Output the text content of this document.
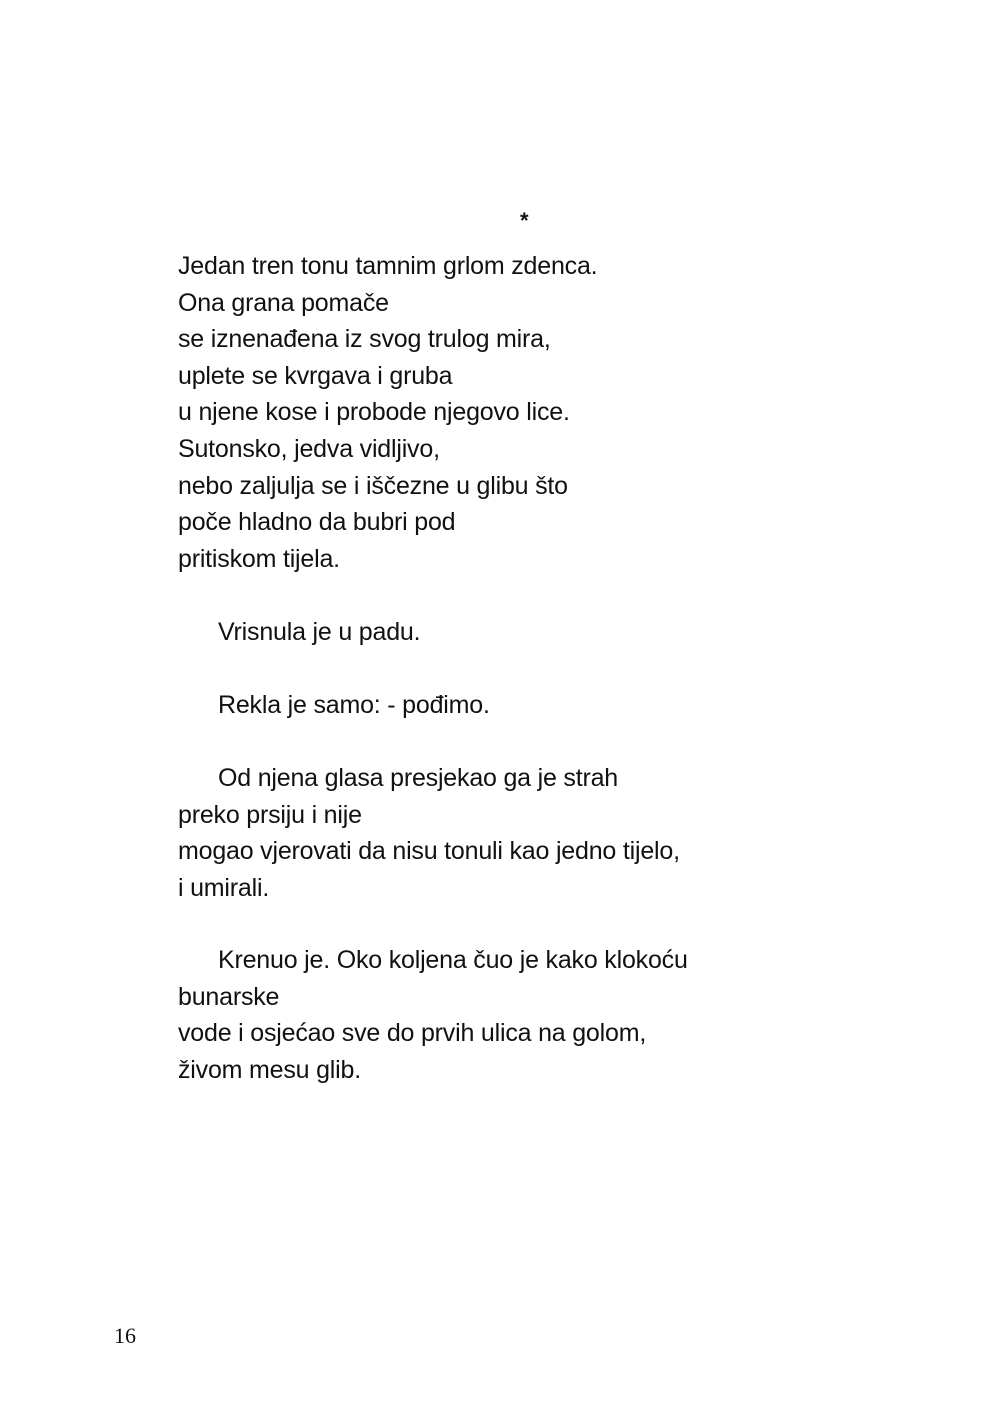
*
Jedan tren tonu tamnim grlom zdenca.
Ona grana pomače
se iznenađena iz svog trulog mira,
uplete se kvrgava i gruba
u njene kose i probode njegovo lice.
Sutonsko, jedva vidljivo,
nebo zaljulja se i iščezne u glibu što
poče hladno da bubri pod
pritiskom tijela.
Vrisnula je u padu.
Rekla je samo: - pođimo.
Od njena glasa presjekao ga je strah
preko prsiju i nije
mogao vjerovati da nisu tonuli kao jedno tijelo,
i umirali.
Krenuo je. Oko koljena čuo je kako klokoću
bunarske
vode i osjećao sve do prvih ulica na golom,
živom mesu glib.
16
